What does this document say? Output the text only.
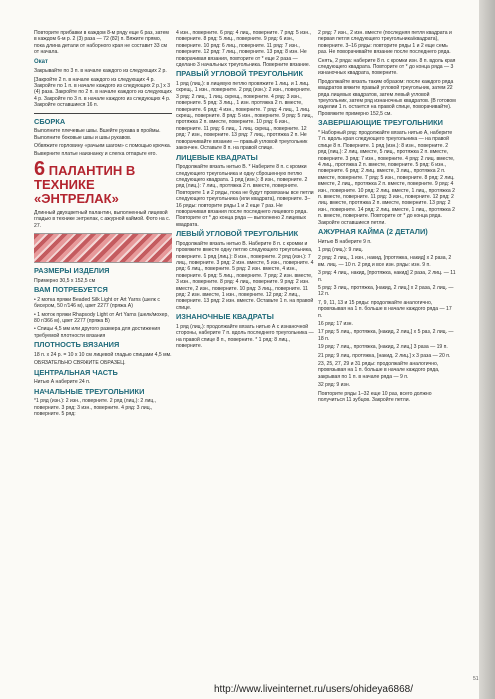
Повторите прибавки в каждом 8-м ряду еще 6 раз, затем в каждом 6-м р. 2 (3) раза — 72 (82) п. Вяжите прямо, пока длина детали от наборного края не составит 33 см от начала.

Окат

Закрывайте по 3 п. в начале каждого из следующих 2 р.

[Закройте 2 п. в начале каждого из следующих 4 р. Закройте по 1 п. в начале каждого из следующих 2 р.] х 3 (4) раза. Закройте по 2 п. в начале каждого из следующих 4 р. Закройте по 3 п. в начале каждого из следующих 4 р. Закройте оставшиеся 16 п.

СБОРКА

Выполните плечевые швы. Вшейте рукава в проймы. Выполните боковые швы и швы рукавов.

Обвяжите горловину «рачьим шагом» с помощью крючка.

Выверните платье наизнанку и слегка отпарьте его.

6 ПАЛАНТИН В ТЕХНИКЕ
«ЭНТРЕЛАК»

Длинный двухцветный палантин, выполненный лицевой гладью в технике энтрелак, с ажурной каймой. Фото на с. 27.

РАЗМЕРЫ ИЗДЕЛИЯ

Примерно 30,5 х 152,5 см

ВАМ ПОТРЕБУЕТСЯ

• 2 мотка пряжи Beaded Silk Light от Art Yarns (шелк с бисером, 50 г/146 м), цвет 2277 (пряжа А)

• 1 моток пряжи Rhapsody Light от Art Yarns (шелк/мохер, 80 г/366 м), цвет 2277 (пряжа B)

• Спицы 4,5 мм или другого размера для достижения требуемой плотности вязания

ПЛОТНОСТЬ ВЯЗАНИЯ

18 п. х 24 р. = 10 х 10 см лицевой гладью спицами 4,5 мм.

ОБЯЗАТЕЛЬНО СВЯЖИТЕ ОБРАЗЕЦ.

ЦЕНТРАЛЬНАЯ ЧАСТЬ

Нитью А наберите 24 п.

НАЧАЛЬНЫЕ ТРЕУГОЛЬНИКИ

*1 ряд (изн.): 2 изн., поверните. 2 ряд (лиц.): 2 лиц., поверните. 3 ряд: 3 изн., поверните. 4 ряд: 3 лиц., поверните. 5 ряд:

4 изн., поверните. 6 ряд: 4 лиц., поверните. 7 ряд: 5 изн., поверните. 8 ряд: 5 лиц., поверните. 9 ряд: 6 изн., поверните. 10 ряд: 6 лиц., поверните. 11 ряд: 7 изн., поверните. 12 ряд: 7 лиц., поверните. 13 ряд: 8 изн. Не поворачивая вязания, повторите от * еще 2 раза — сделано 3 начальных треугольника. Поверните вязание.

ПРАВЫЙ УГЛОВОЙ ТРЕУГОЛЬНИК

1 ряд (лиц.): в лицевую петлю провяжите 1 лиц. и 1 лиц. скрещ., 1 изн., поверните. 2 ряд (изн.): 2 изн., поверните. 3 ряд: 2 лиц., 1 лиц. скрещ., поверните. 4 ряд: 3 изн., поверните. 5 ряд: 3 лиц., 1 изн. протяжка 2 п. вместе, поверните. 6 ряд: 4 изн., поверните. 7 ряд: 4 лиц., 1 лиц. скрещ., поверните. 8 ряд: 5 изн., поверните. 9 ряд: 5 лиц., протяжка 2 п. вместе, поверните. 10 ряд: 6 изн., поверните. 11 ряд: 6 лиц., 1 лиц. скрещ., поверните. 12 ряд: 7 изн., поверните. 13 ряд: 7 лиц., протяжка 2 п. Не поворачивайте вязание — правый угловой треугольник закончен. Оставьте 8 п. на правой спице.

ЛИЦЕВЫЕ КВАДРАТЫ

Продолжайте вязать нитью B. * Наберите 8 п. с кромки следующего треугольника и одну сброшенную петлю следующего квадрата. 1 ряд (изн.): 8 изн., поверните. 2 ряд (лиц.): 7 лиц., протяжка 2 п. вместе, поверните. Повторите 1 и 2 ряды, пока не будут провязаны все петли следующего треугольника (или квадрата), поверните. 3–16 ряды: повторите ряды 1 и 2 еще 7 раз. Не поворачивая вязания после последнего лицевого ряда. Повторите от * до конца ряда — выполнено 2 лицевых квадрата.

ЛЕВЫЙ УГЛОВОЙ ТРЕУГОЛЬНИК

Продолжайте вязать нитью B. Наберите 8 п. с кромки и провяжите вместе одну петлю следующего треугольника, поверните. 1 ряд (лиц.): 8 изн., поверните. 2 ряд (изн.): 7 лиц., поверните. 3 ряд: 2 изн. вместе, 5 изн., поверните. 4 ряд: 6 лиц., поверните. 5 ряд: 2 изн. вместе, 4 изн., поверните. 6 ряд: 5 лиц., поверните. 7 ряд: 2 изн. вместе, 3 изн., поверните. 8 ряд: 4 лиц., поверните. 9 ряд: 2 изн. вместе, 2 изн., поверните. 10 ряд: 3 лиц., поверните. 11 ряд: 2 изн. вместе, 1 изн., поверните. 12 ряд: 2 лиц., поверните. 13 ряд: 2 изн. вместе. Оставьте 1 п. на правой спице.

ИЗНАНОЧНЫЕ КВАДРАТЫ

1 ряд (лиц.): продолжайте вязать нитью А с изнаночной стороны, наберите 7 п. вдоль последнего треугольника — на правой спице 8 п., поверните. * 1 ряд: 8 лиц., поверните.

2 ряд: 7 изн., 2 изн. вместе (последняя петля квадрата и первая петля следующего треугольника/квадрата), поверните. 3–16 ряды: повторите ряды 1 и 2 еще семь раз. Не поворачивайте вязание после последнего ряда.

Снять, 2 ряда: наберите 8 п. с кромки изн. 8 п. вдоль края следующего квадрата. Повторите от * до конца ряда — 3 изнаночных квадрата, поверните.

Продолжайте вязать таким образом: после каждого ряда квадратов вяжите правый угловой треугольник, затем 22 ряда лицевых квадратов, затем левый угловой треугольник, затем ряд изнаночных квадратов. (В готовом изделии 1 п. остается на правой спице, поворачивайте). Провяжите примерно 152,5 см.

ЗАВЕРШАЮЩИЕ ТРЕУГОЛЬНИКИ

* Наборный ряд: продолжайте вязать нитью А, наберите 7 п. вдоль края следующего треугольника — на правой спице 8 п. Поверните. 1 ряд (изн.): 8 изн., поверните. 2 ряд (лиц.): 2 лиц. вместе, 5 лиц., протяжка 2 п. вместе, поверните. 3 ряд: 7 изн., поверните. 4 ряд: 2 лиц. вместе, 4 лиц., протяжка 2 п. вместе, поверните. 5 ряд: 6 изн., поверните. 6 ряд: 2 лиц. вместе, 3 лиц., протяжка 2 п. вместе, поверните. 7 ряд: 5 изн., поверните. 8 ряд: 2 лиц. вместе, 2 лиц., протяжка 2 п. вместе, поверните. 9 ряд: 4 изн., поверните. 10 ряд: 2 лиц. вместе, 1 лиц., протяжка 2 п. вместе, поверните. 11 ряд: 3 изн., поверните. 12 ряд: 2 лиц. вместе, протяжка 2 п. вместе, поверните. 13 ряд: 2 изн., поверните. 14 ряд: 2 лиц. вместе, 1 лиц., протяжка 2 п. вместе, поверните. Повторите от * до конца ряда. Закройте оставшиеся петли.

АЖУРНАЯ КАЙМА (2 ДЕТАЛИ)

Нитью B наберите 9 п.

1 ряд (лиц.): 9 лиц.

2 ряд: 2 лиц., 1 изн., накид, [протяжка, накид] х 2 раза, 2 вм. лиц. — 10 п. 2 ряд и все изн. ряды: изн. 9 п.

3 ряд: 4 лиц., накид, [протяжка, накид] 2 раза, 2 лиц. — 11 п.

5 ряд: 3 лиц., протяжка, [накид, 2 лиц.] х 2 раза, 2 лиц. — 12 п.

7, 9, 11, 13 и 15 ряды: продолжайте аналогично, провязывая на 1 п. больше в начале каждого ряда — 17 п.

16 ряд: 17 изн.

17 ряд: 5 лиц., протяжка, [накид, 2 лиц.] х 5 раз, 2 лиц. — 18 п.

19 ряд: 7 лиц., протяжка, [накид, 2 лиц.] 3 раза — 19 п.

21 ряд: 9 лиц. протяжка, [накид, 2 лиц.] х 3 раза — 20 п.

23, 25, 27, 29 и 31 ряды: продолжайте аналогично, провязывая на 1 п. больше в начале каждого ряда, закрывая по 1 п. в начале ряда — 9 п.

32 ряд: 9 изн.

Повторите ряды 1–32 еще 10 раз, всего должно получиться 11 зубцов. Закройте петли.

http://www.liveinternet.ru/users/ohideya6868/
51
